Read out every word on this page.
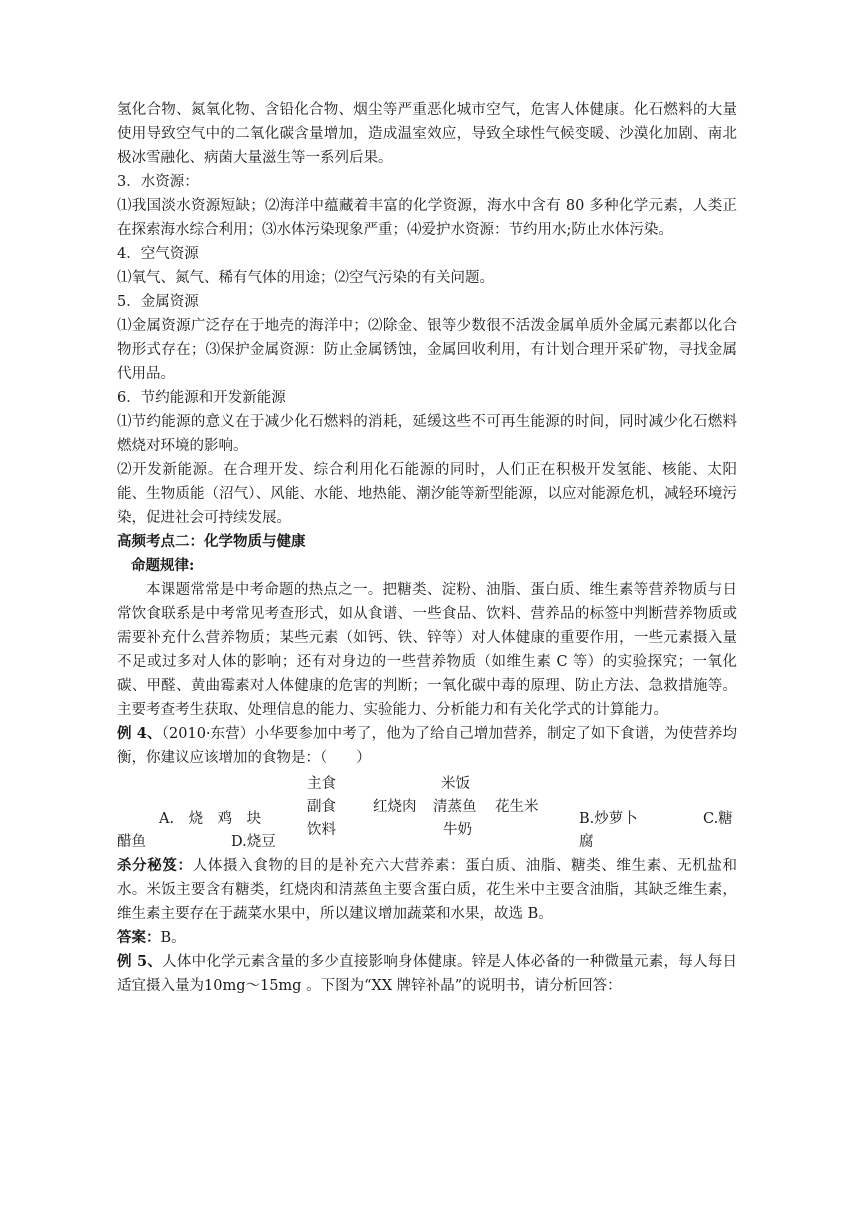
氢化合物、氮氧化物、含铅化合物、烟尘等严重恶化城市空气，危害人体健康。化石燃料的大量使用导致空气中的二氧化碳含量增加，造成温室效应，导致全球性气候变暖、沙漠化加剧、南北极冰雪融化、病菌大量滋生等一系列后果。

3．水资源：

⑴我国淡水资源短缺；⑵海洋中蕴藏着丰富的化学资源，海水中含有 80 多种化学元素，人类正在探索海水综合利用；⑶水体污染现象严重；⑷爱护水资源：节约用水;防止水体污染。

4．空气资源

⑴氧气、氮气、稀有气体的用途；⑵空气污染的有关问题。

5．金属资源

⑴金属资源广泛存在于地壳的海洋中；⑵除金、银等少数很不活泼金属单质外金属元素都以化合物形式存在；⑶保护金属资源：防止金属锈蚀，金属回收利用，有计划合理开采矿物，寻找金属代用品。

6．节约能源和开发新能源

⑴节约能源的意义在于减少化石燃料的消耗，延缓这些不可再生能源的时间，同时减少化石燃料燃烧对环境的影响。

⑵开发新能源。在合理开发、综合利用化石能源的同时，人们正在积极开发氢能、核能、太阳能、生物质能（沼气）、风能、水能、地热能、潮汐能等新型能源，以应对能源危机，减轻环境污染，促进社会可持续发展。

高频考点二：化学物质与健康

命题规律:

本课题常常是中考命题的热点之一。把糖类、淀粉、油脂、蛋白质、维生素等营养物质与日常饮食联系是中考常见考查形式，如从食谱、一些食品、饮料、营养品的标签中判断营养物质或需要补充什么营养物质；某些元素（如钙、铁、锌等）对人体健康的重要作用，一些元素摄入量不足或过多对人体的影响；还有对身边的一些营养物质（如维生素 C 等）的实验探究；一氧化碳、甲醛、黄曲霉素对人体健康的危害的判断；一氧化碳中毒的原理、防止方法、急救措施等。主要考查考生获取、处理信息的能力、实验能力、分析能力和有关化学式的计算能力。

例 4、（2010·东营）小华要参加中考了，他为了给自己增加营养，制定了如下食谱，为使营养均衡，你建议应该增加的食物是：（　　）

主食
副食
饮料
米饭
红烧肉 清蒸鱼 花生米
牛奶
A.　烧　鸡　块
醋鱼	D.烧豆
B.炒萝卜
腐
C.糖

杀分秘笈：人体摄入食物的目的是补充六大营养素：蛋白质、油脂、糖类、维生素、无机盐和水。米饭主要含有糖类，红烧肉和清蒸鱼主要含蛋白质，花生米中主要含油脂，其缺乏维生素，维生素主要存在于蔬菜水果中，所以建议增加蔬菜和水果，故选 B。

答案：B。

例 5、人体中化学元素含量的多少直接影响身体健康。锌是人体必备的一种微量元素，每人每日适宜摄入量为10mg～15mg 。下图为“XX 牌锌补晶”的说明书，请分析回答：
